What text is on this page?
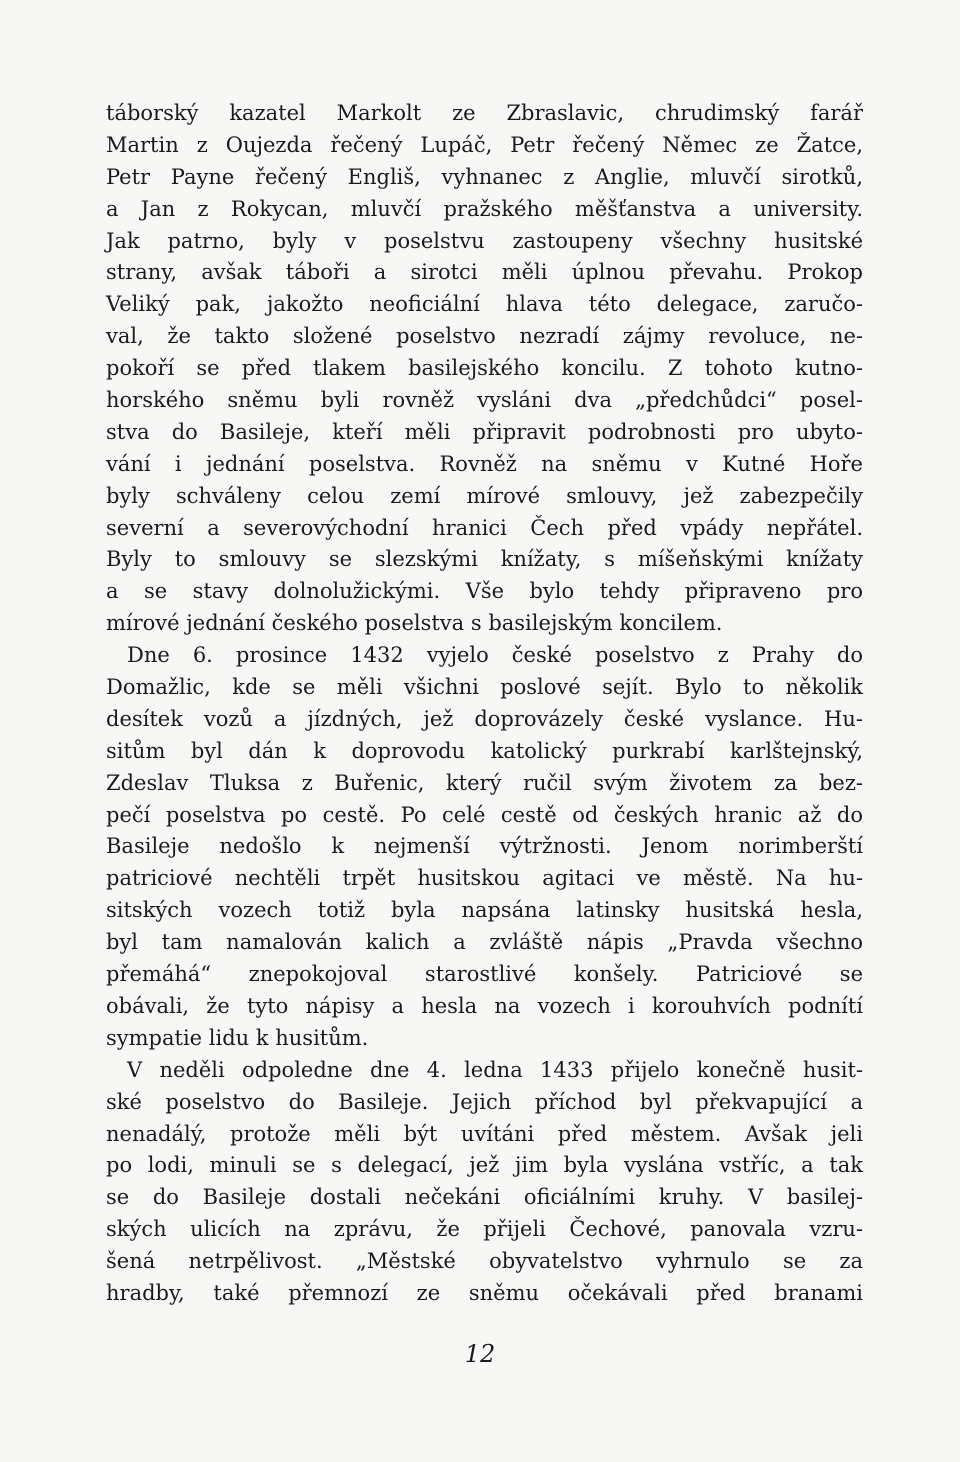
táborský kazatel Markolt ze Zbraslavic, chrudimský farář
Martin z Oujezda řečený Lupáč, Petr řečený Němec ze Žatce,
Petr Payne řečený Engliš, vyhnanec z Anglie, mluvčí sirotků,
a Jan z Rokycan, mluvčí pražského měšťanstva a university.
Jak patrno, byly v poselstvu zastoupeny všechny husitské
strany, avšak táboři a sirotci měli úplnou převahu. Prokop
Veliký pak, jakožto neoficiální hlava této delegace, zaručo-
val, že takto složené poselstvo nezradí zájmy revoluce, ne-
pokoří se před tlakem basilejského koncilu. Z tohoto kutno-
horského sněmu byli rovněž vysláni dva „předchůdci“ posel-
stva do Basileje, kteří měli připravit podrobnosti pro ubyto-
vání i jednání poselstva. Rovněž na sněmu v Kutné Hoře
byly schváleny celou zemí mírové smlouvy, jež zabezpečily
severní a severovýchodní hranici Čech před vpády nepřátel.
Byly to smlouvy se slezskými knížaty, s míšeňskými knížaty
a se stavy dolnolužickými. Vše bylo tehdy připraveno pro
mírové jednání českého poselstva s basilejským koncilem.
Dne 6. prosince 1432 vyjelo české poselstvo z Prahy do
Domažlic, kde se měli všichni poslové sejít. Bylo to několik
desítek vozů a jízdných, jež doprovázely české vyslance. Hu-
sitům byl dán k doprovodu katolický purkrabí karlštejnský,
Zdeslav Tluksa z Buřenic, který ručil svým životem za bez-
pečí poselstva po cestě. Po celé cestě od českých hranic až do
Basileje nedošlo k nejmenší výtržnosti. Jenom norimberští
patriciové nechtěli trpět husitskou agitaci ve městě. Na hu-
sitských vozech totiž byla napsána latinsky husitská hesla,
byl tam namalován kalich a zvláště nápis „Pravda všechno
přemáhá“ znepokojoval starostlivé konšely. Patriciové se
obávali, že tyto nápisy a hesla na vozech i korouhvích podnítí
sympatie lidu k husitům.
V neděli odpoledne dne 4. ledna 1433 přijelo konečně husit-
ské poselstvo do Basileje. Jejich příchod byl překvapující a
nenadálý, protože měli být uvítáni před městem. Avšak jeli
po lodi, minuli se s delegací, jež jim byla vyslána vstříc, a tak
se do Basileje dostali nečekáni oficiálními kruhy. V basilej-
ských ulicích na zprávu, že přijeli Čechové, panovala vzru-
šená netrpělivost. „Městské obyvatelstvo vyhrnulo se za
hradby, také přemnozí ze sněmu očekávali před branami
12
